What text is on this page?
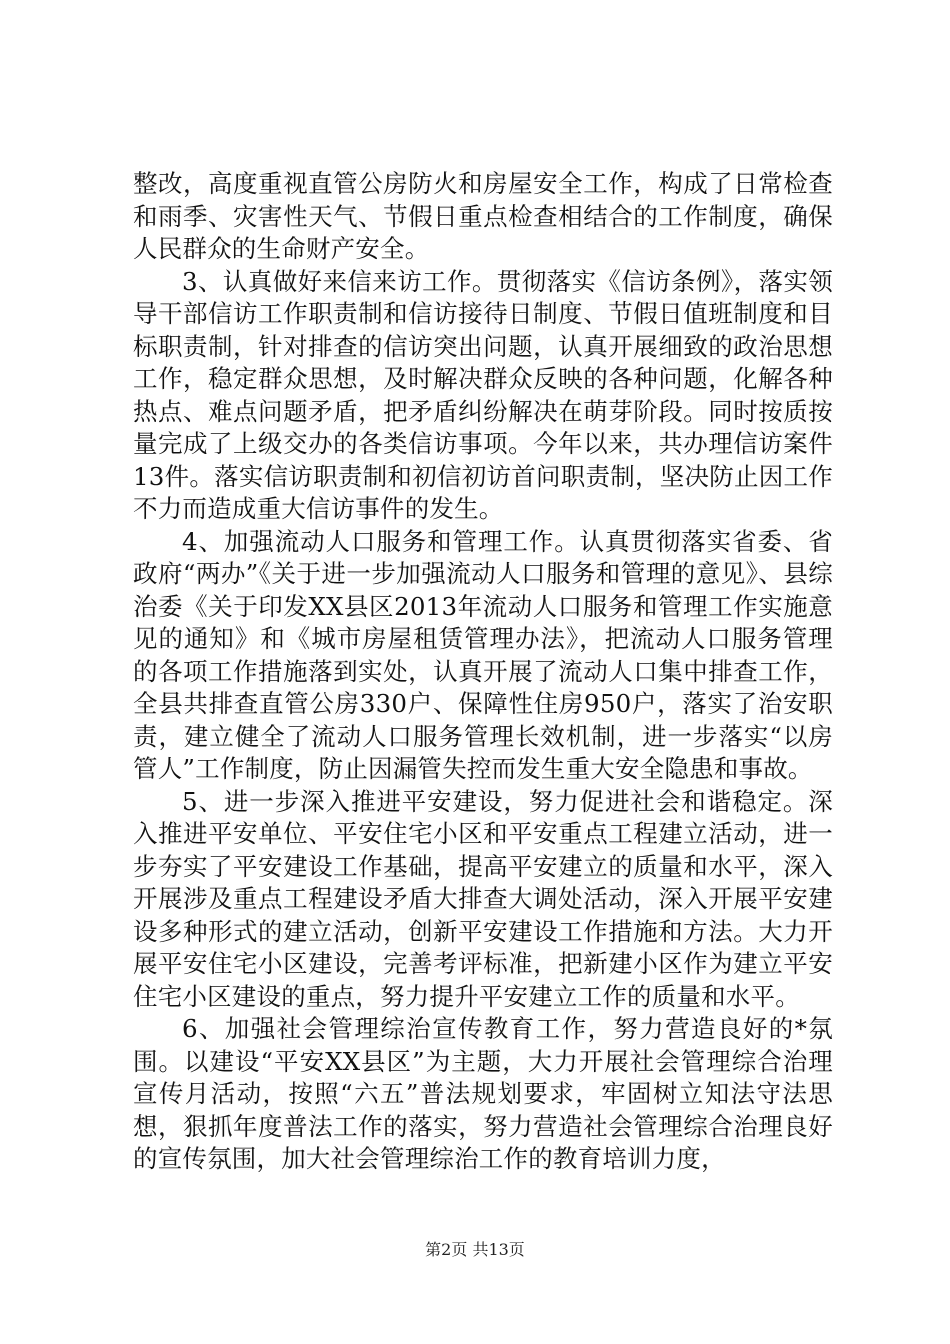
整改，高度重视直管公房防火和房屋安全工作，构成了日常检查和雨季、灾害性天气、节假日重点检查相结合的工作制度，确保人民群众的生命财产安全。

3、认真做好来信来访工作。贯彻落实《信访条例》，落实领导干部信访工作职责制和信访接待日制度、节假日值班制度和目标职责制，针对排查的信访突出问题，认真开展细致的政治思想工作，稳定群众思想，及时解决群众反映的各种问题，化解各种热点、难点问题矛盾，把矛盾纠纷解决在萌芽阶段。同时按质按量完成了上级交办的各类信访事项。今年以来，共办理信访案件13件。落实信访职责制和初信初访首问职责制，坚决防止因工作不力而造成重大信访事件的发生。

4、加强流动人口服务和管理工作。认真贯彻落实省委、省政府“两办”《关于进一步加强流动人口服务和管理的意见》、县综治委《关于印发XX县区2013年流动人口服务和管理工作实施意见的通知》和《城市房屋租赁管理办法》，把流动人口服务管理的各项工作措施落到实处，认真开展了流动人口集中排查工作，全县共排查直管公房330户、保障性住房950户，落实了治安职责，建立健全了流动人口服务管理长效机制，进一步落实“以房管人”工作制度，防止因漏管失控而发生重大安全隐患和事故。

5、进一步深入推进平安建设，努力促进社会和谐稳定。深入推进平安单位、平安住宅小区和平安重点工程建立活动，进一步夯实了平安建设工作基础，提高平安建立的质量和水平，深入开展涉及重点工程建设矛盾大排查大调处活动，深入开展平安建设多种形式的建立活动，创新平安建设工作措施和方法。大力开展平安住宅小区建设，完善考评标准，把新建小区作为建立平安住宅小区建设的重点，努力提升平安建立工作的质量和水平。

6、加强社会管理综治宣传教育工作，努力营造良好的*氛围。以建设“平安XX县区”为主题，大力开展社会管理综合治理宣传月活动，按照“六五”普法规划要求，牢固树立知法守法思想，狠抓年度普法工作的落实，努力营造社会管理综合治理良好的宣传氛围，加大社会管理综治工作的教育培训力度，

第2页 共13页
